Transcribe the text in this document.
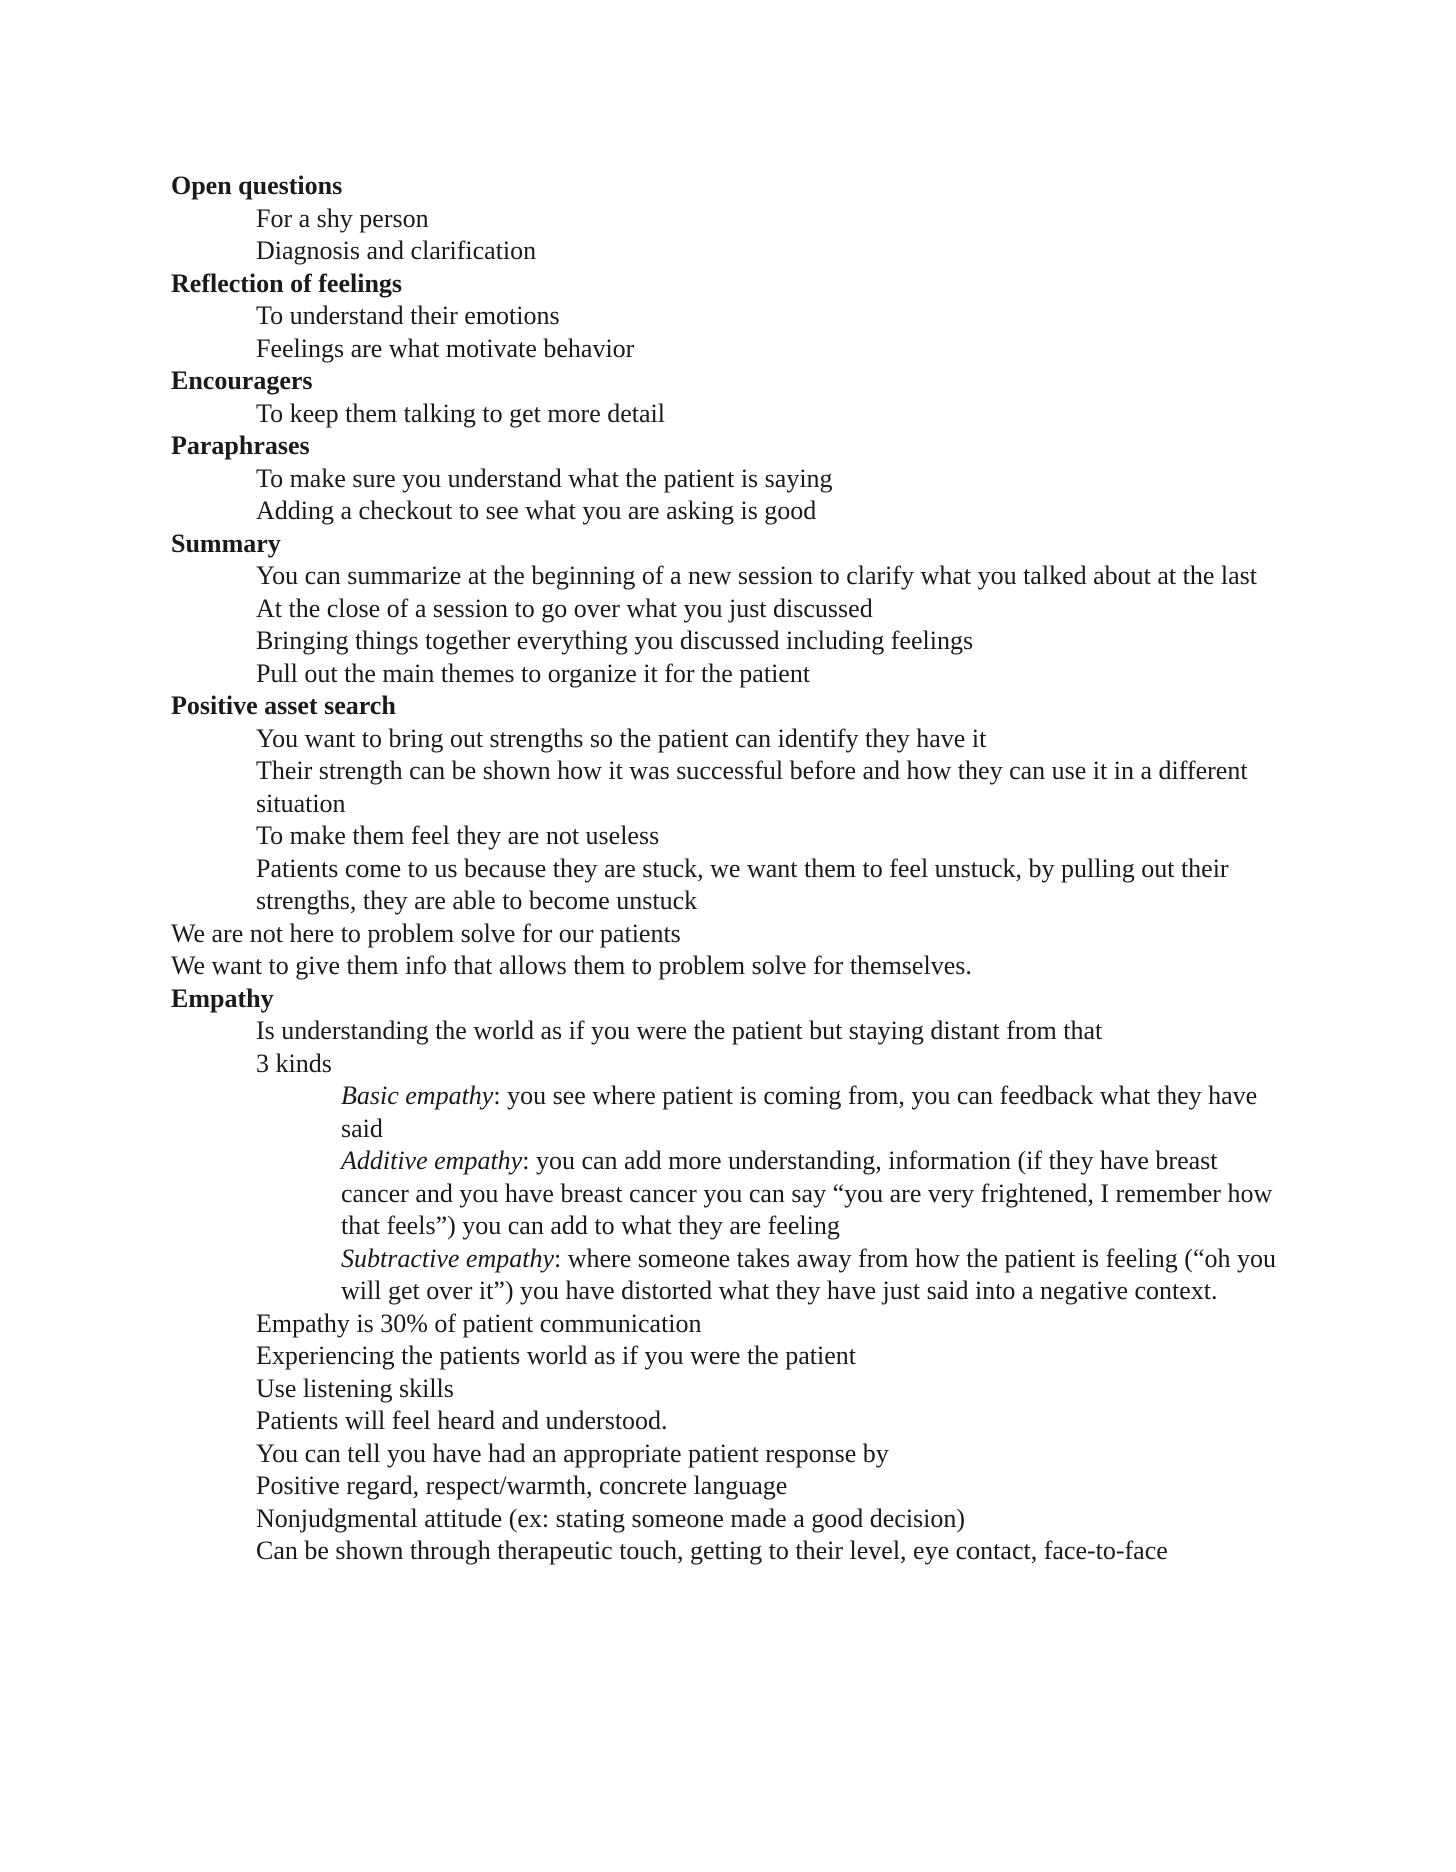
Open questions
For a shy person
Diagnosis and clarification
Reflection of feelings
To understand their emotions
Feelings are what motivate behavior
Encouragers
To keep them talking to get more detail
Paraphrases
To make sure you understand what the patient is saying
Adding a checkout to see what you are asking is good
Summary
You can summarize at the beginning of a new session to clarify what you talked about at the last
At the close of a session to go over what you just discussed
Bringing things together everything you discussed including feelings
Pull out the main themes to organize it for the patient
Positive asset search
You want to bring out strengths so the patient can identify they have it
Their strength can be shown how it was successful before and how they can use it in a different situation
To make them feel they are not useless
Patients come to us because they are stuck, we want them to feel unstuck, by pulling out their strengths, they are able to become unstuck
We are not here to problem solve for our patients
We want to give them info that allows them to problem solve for themselves.
Empathy
Is understanding the world as if you were the patient but staying distant from that
3 kinds
Basic empathy: you see where patient is coming from, you can feedback what they have said
Additive empathy: you can add more understanding, information (if they have breast cancer and you have breast cancer you can say “you are very frightened, I remember how that feels”) you can add to what they are feeling
Subtractive empathy: where someone takes away from how the patient is feeling (“oh you will get over it”) you have distorted what they have just said into a negative context.
Empathy is 30% of patient communication
Experiencing the patients world as if you were the patient
Use listening skills
Patients will feel heard and understood.
You can tell you have had an appropriate patient response by
Positive regard, respect/warmth, concrete language
Nonjudgmental attitude (ex: stating someone made a good decision)
Can be shown through therapeutic touch, getting to their level, eye contact, face-to-face
